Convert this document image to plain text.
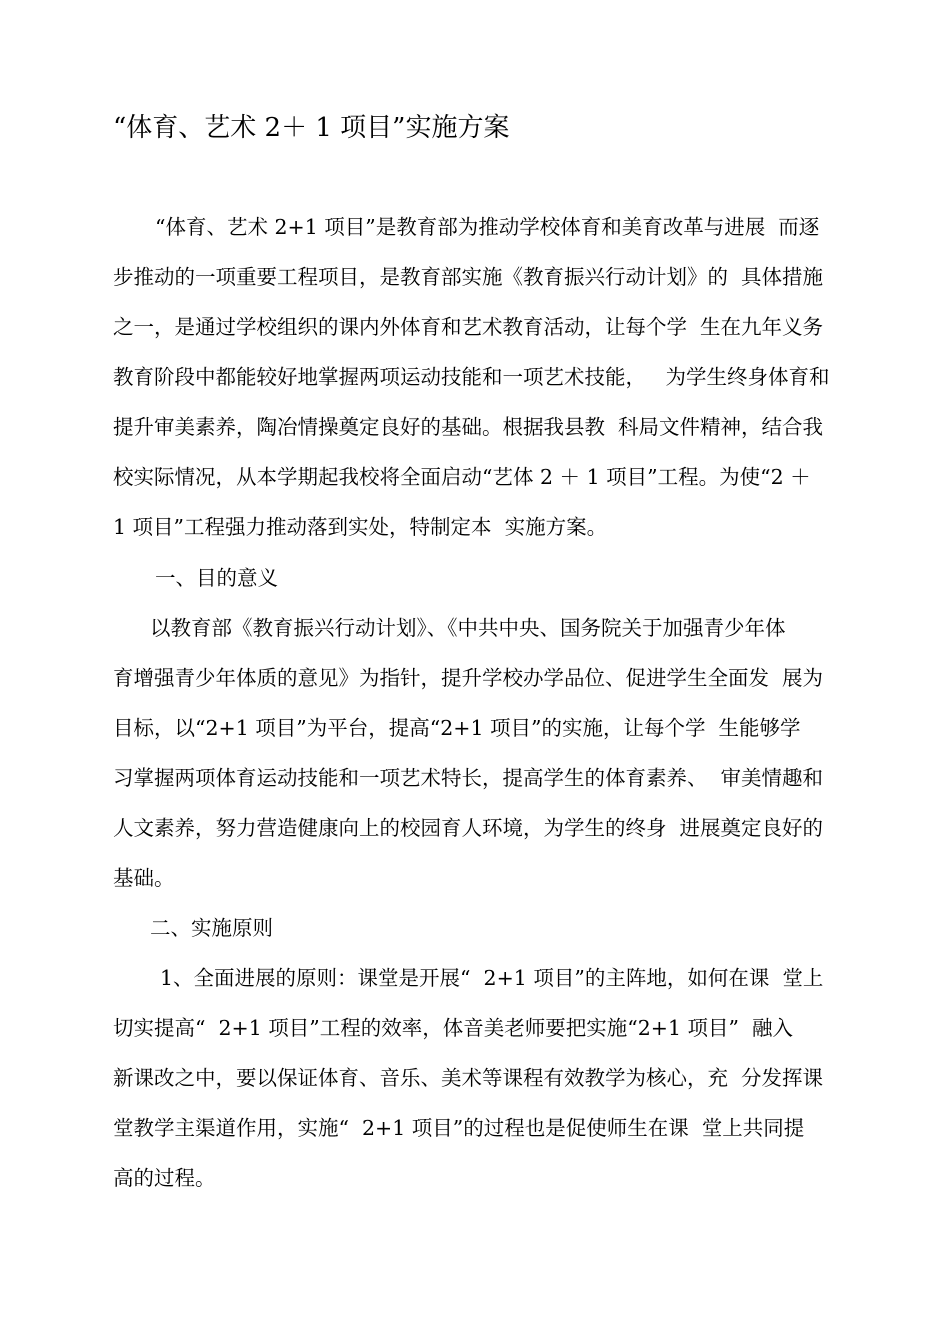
“体育、艺术 2＋ 1 项目”实施方案

“体育、艺术 2+1 项目”是教育部为推动学校体育和美育改革与进展  而逐

步推动的一项重要工程项目，是教育部实施《教育振兴行动计划》的  具体措施

之一，是通过学校组织的课内外体育和艺术教育活动，让每个学  生在九年义务

教育阶段中都能较好地掌握两项运动技能和一项艺术技能，   为学生终身体育和

提升审美素养，陶冶情操奠定良好的基础。根据我县教  科局文件精神，结合我

校实际情况，从本学期起我校将全面启动“艺体 2 ＋ 1 项目”工程。为使“2 ＋

1 项目”工程强力推动落到实处，特制定本  实施方案。

一、目的意义

以教育部《教育振兴行动计划》、《中共中央、国务院关于加强青少年体

育增强青少年体质的意见》为指针，提升学校办学品位、促进学生全面发  展为

目标，以“2+1 项目”为平台，提高“2+1 项目”的实施，让每个学  生能够学

习掌握两项体育运动技能和一项艺术特长，提高学生的体育素养、  审美情趣和

人文素养，努力营造健康向上的校园育人环境，为学生的终身  进展奠定良好的

基础。

二、实施原则

1、全面进展的原则：课堂是开展“  2+1 项目”的主阵地，如何在课  堂上

切实提高“  2+1 项目”工程的效率，体音美老师要把实施“2+1 项目”  融入

新课改之中，要以保证体育、音乐、美术等课程有效教学为核心，充  分发挥课

堂教学主渠道作用，实施“  2+1 项目”的过程也是促使师生在课  堂上共同提

高的过程。
